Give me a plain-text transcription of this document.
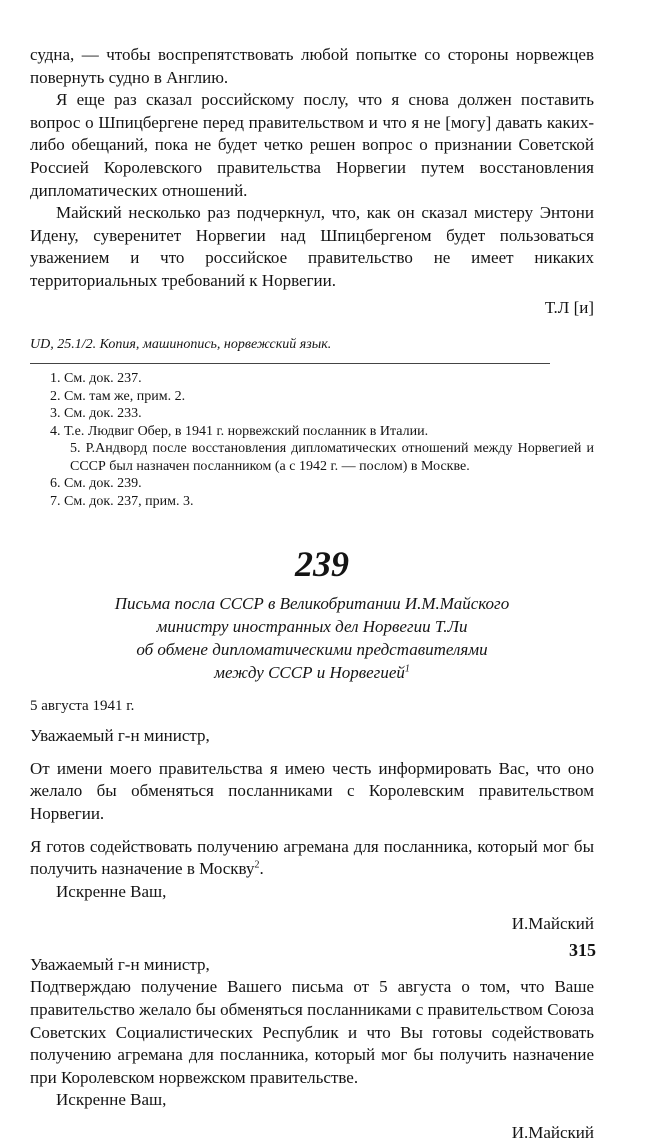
судна, — чтобы воспрепятствовать любой попытке со стороны норвежцев повернуть судно в Англию.

Я еще раз сказал российскому послу, что я снова должен поставить вопрос о Шпицбергене перед правительством и что я не [могу] давать каких-либо обещаний, пока не будет четко решен вопрос о признании Советской Россией Королевского правительства Норвегии путем восстановления дипломатических отношений.

Майский несколько раз подчеркнул, что, как он сказал мистеру Энтони Идену, суверенитет Норвегии над Шпицбергеном будет пользоваться уважением и что российское правительство не имеет никаких территориальных требований к Норвегии.

Т.Л [и]

UD, 25.1/2. Копия, машинопись, норвежский язык.

1. См. док. 237.
2. См. там же, прим. 2.
3. См. док. 233.
4. Т.е. Людвиг Обер, в 1941 г. норвежский посланник в Италии.
5. Р.Андворд после восстановления дипломатических отношений между Норвегией и СССР был назначен посланником (а с 1942 г. — послом) в Москве.
6. См. док. 239.
7. См. док. 237, прим. 3.
239
Письма посла СССР в Великобритании И.М.Майского
министру иностранных дел Норвегии Т.Ли
об обмене дипломатическими представителями
между СССР и Норвегией$^1$

5 августа 1941 г.

Уважаемый г-н министр,

От имени моего правительства я имею честь информировать Вас, что оно желало бы обменяться посланниками с Королевским правительством Норвегии.

Я готов содействовать получению агремана для посланника, который мог бы получить назначение в Москву$^2$.

Искренне Ваш,

И.Майский

Уважаемый г-н министр,

Подтверждаю получение Вашего письма от 5 августа о том, что Ваше правительство желало бы обменяться посланниками с правительством Союза Советских Социалистических Республик и что Вы готовы содействовать получению агремана для посланника, который мог бы получить назначение при Королевском норвежском правительстве.

Искренне Ваш,

И.Майский

315
